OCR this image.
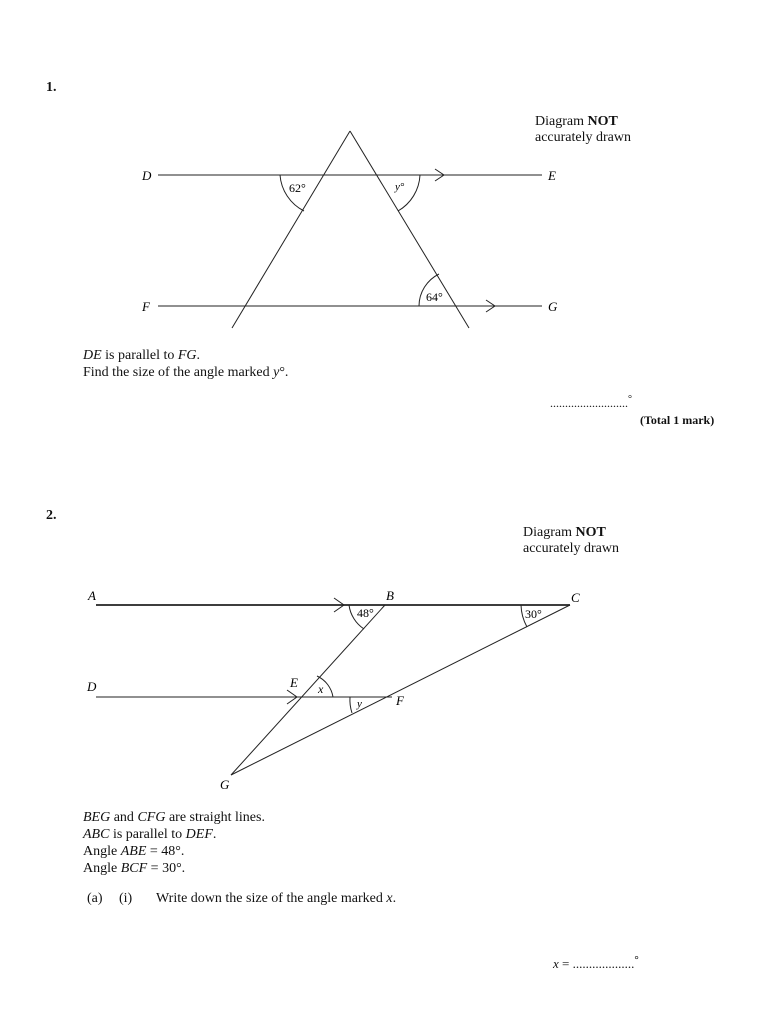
1.
Diagram NOT
accurately drawn
D	E
F	G
62°	y°
64°
DE is parallel to FG.
Find the size of the angle marked y°.
..........................°
(Total 1 mark)
2.
Diagram NOT
accurately drawn
A	B	C
D	E
F
G
48°	30°
x
y
BEG and CFG are straight lines.
ABC is parallel to DEF.
Angle ABE = 48°.
Angle BCF = 30°.
(a) (i) Write down the size of the angle marked x.
x = ...................°
